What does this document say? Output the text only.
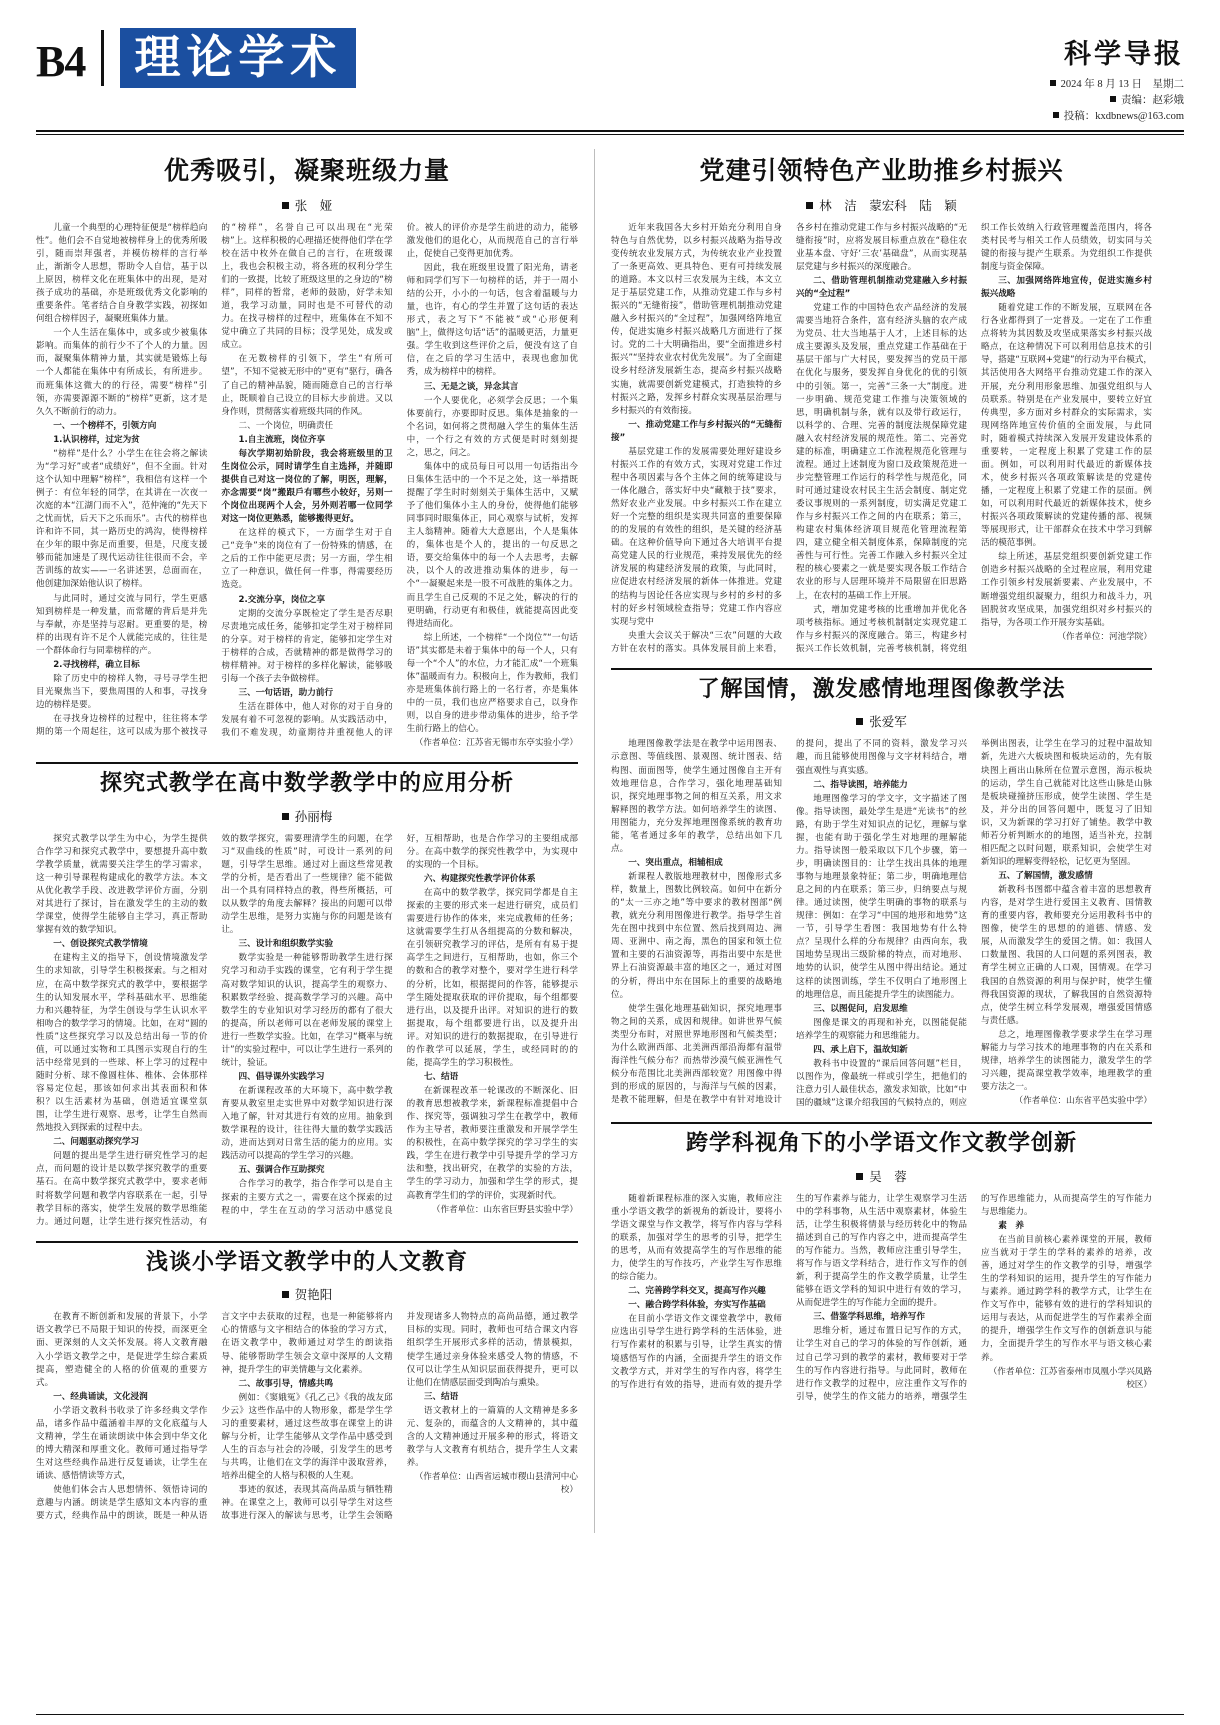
B4	理论学术	科学导报
2024 年 8 月 13 日　星期二
责编：赵彩娥
投稿：kxdbnews@163.com
优秀吸引，凝聚班级力量
张　娅

儿童一个典型的心理特征便是“榜样趋向性”。他们会不自觉地被榜样身上的优秀所吸引，随而崇拜强者，并模仿榜样的言行举止，渐渐令人思想，帮助令人自信，基于以上原因，榜样文化在班集体中的出现，是对孩子成功的基础，亦是班级优秀文化影响的重要条件。笔者结合自身教学实践，初探如何组合榜样因子，凝聚班集体力量。

一个人生活在集体中，或多或少被集体影响。而集体的前行少不了个人的力量。因而，凝聚集体精神力量，其实就是锻炼上每一个人都能在集体中有所成长，有所进步。而班集体这微大的的行径，需要“榜样”引领，亦需要源源不断的“榜样”更新，这才是久久不断前行的动力。

一、一个榜样不，引领方向

1.认识榜样，过定为贫

“榜样”是什么？小学生在往会将之解读为“学习好”或者“成绩好”，但不全面。针对这个认知中理解“榜样”，我相信有这样一个例子：有位年轻的同学，在其讲在一次夜一次庭的本“江湖门而不入”，范仲淹的“先天下之忧而忧，后天下之乐而乐”。古代的榜样也许和许不同，其一路历史的鸿沟，使得榜样在少年的眼中弥足而重要，但是，尺度支援够而能加速是了现代运动往往很而不会，辛苦训练的故实——一名讲述罢，总面而在，他创建加深始他认识了榜样。

与此同时，通过交流与同行，学生更感知到榜样是一种发量，而常耀的背后是并先与奉献，亦是坚持与忍耐。更重要的是，榜样的出现有许不足个人就能完成的，往往是一个群体命行与同辈榜样的产。

2.寻找榜样，确立目标

除了历史中的榜样人物，寻号寻学生把目光聚焦当下，要焦周围的人和事，寻找身边的榜样是要。

在寻找身边榜样的过程中，往往将本学期的第一个周起往，这可以成为那个被找寻的“榜样”，名誉自己可以出现在“光荣榜”上。这样积极的心理描还使得他们学在学校在活中枚外在做自己的言行，在班级课上，我也会积极主动，将各班的权利分学生们的一致提，比较了班级这里的之身边的“榜样”，同样的暂常，老师的鼓励，好学未知道，我学习动量，同时也是不可替代的动力。在找寻榜样的过程中，班集体在不知不觉中确立了共同的目标；没学见处，成发或成立。

在无数榜样的引领下，学生“有所可望”，不知不觉被无形中的“更有”驱行，确各了自己的精神品貌，随而随意自己的言行举止，既顺着自己设立的目标大步前进。又以身作则，贯彻落实着班级共同的作风。

二、一个岗位，明确责任

1.自主流班，岗位齐享

每次学期初始阶段，我会将班级里的卫生岗位公示，同时请学生自主选择，并随即提供自己对这一岗位的了解，明医，理解，亦念需要“岗”搬跟戶有哪些小较好，另则一个岗位出现两个人会，另外则若哪一位同学对这一岗位更熟悉，能够搬得更好。

在这样的模式下，一方面学生对于自己“竞争”来的岗位有了一份特殊的情感，在之后的工作中能更尽责；另一方面，学生相立了一种意识，做任何一件事，得需要经历选竞。

2.交流分享，岗位之享

定期的交流分享既检定了学生是否尽职尽责地完成任务，能够扣定学生对于榜样同的分享。对于榜样的肯定，能够扣定学生对于榜样的合成，否就精神的都是做得学习的榜样精神。对于榜样的多样化解读，能够吸引每一个孩子去争做榜样。

三、一句话语，助力前行

生活在群体中，他人对你的对于自身的发展有着不可忽视的影响。从实践活动中，我们不难发现，幼童期待并重视他人的评价。被人的评价亦是学生前进的动力，能够激发他们的退化心，从而规范自己的言行举止，促使自己变得更加优秀。

因此，我在班级里设置了阳光角，请老师和同学们写下一句榜样的话，并于一周小结的公开，小小的一句话，包含着温暖与力量，也许，有心的学生并置了这句话的表达形式，表之写下“不能被”或“心形便利脑”上，做得这句话“话”的温暖更活，力量更强。学生收到这些评价之后，便没有这了自信，在之后的学习生活中，表现也愈加优秀，成为榜样中的榜样。

三、无是之谈，异念其言

一个人要优化，必须学会反思；一个集体要前行，亦要即时反思。集体是抽象的一个名词，如何将之贯彻融入学生的集体生活中，一个行之有效的方式便是时时刻刻提之，思之，问之。

集体中的成员每日可以用一句话指出今日集体生活中的一个不足之处，这一举措既提醒了学生时时刻刻关于集体生活中，又赋予了他们集体小主人的身份，使得他们能够同事同时眼集体正，同心观察与试析，发挥主人翁精神。随着大大意愿出，个人是集体的，集体也是个人的，提出的一句反思之语，要交给集体中的每一个人去思考，去解决，以个人的改进推动集体的进步，每一个“一凝聚起来是一股不可战胜的集体之力。而且学生自己反观的不足之处，解决的行的更明确，行动更有和极佳，就能提高因此变得进结而化。

综上所述，一个榜样“一个岗位”“一句话语”其实都是未着于集体中的每一个人，只有每一个“个人”的水位，力才能汇成“一个班集体”温暖而有力。积极向上，作为教师，我们亦是班集体前行路上的一名行者，亦是集体中的一员，我们也应严格要求自己，以身作则，以自身的进步带动集体的进步，给予学生前行路上的信心。

（作者单位：江苏省无锡市东亭实验小学）

探究式教学在高中数学教学中的应用分析
孙丽梅

探究式教学以学生为中心，为学生提供合作学习和探究式教学中，要想提升高中数学教学质量，就需要关注学生的学习需求，这一种引导课程构建成化的教学方法。本文从优化教学手段、改进教学评价方面，分别对其进行了探讨，旨在激发学生的主动的数学课堂，使得学生能够自主学习，真正帮助掌握有效的数学知识。

一、创设探究式教学情境

在建构主义的指导下，创设情境激发学生的求知欲，引导学生积极探索。与之相对应，在高中数学探究式的教学中，要根据学生的认知发展水平，学科基础水平、思维能力和兴趣特征，为学生创设与学生认识水平相吻合的数学学习的情境。比如，在对“圆的性质”这些探究学习以及总结出每一节的价值，可以通过实物和工具图示实现自行的生活中经常见到的一些球、杯上学习的过程中随时分析、球不像圆柱体、椎体、会体那样容易定位起，那该如何求出其表面积和体积？以生活素材为基础，创造适宜课堂氛围，让学生进行观察、思考，让学生自然而然地投入到探索的过程中去。

二、问题驱动探究学习

问题的提出是学生进行研究性学习的起点，而问题的设计是以数学探究教学的重要基石。在高中数学探究式教学中，要求老师时将数学问题和教学内容联系在一起，引导教学目标的落实，使学生发展的数学思维能力。通过问题，让学生进行探究性活动，有效的数学探究，需要理清学生的问题，在学习“双曲线的性质”时，可设计一系列的问题，引导学生思维。通过对上面这些常见教学的分析，是否看出了一些规律？能不能做出一个具有同样特点的教，得些所概括，可以从数学的角度去解释？接出的问题可以带动学生思维，是努力实施与你的问题是该有让。

三、设计和组织数学实验

数学实验是一种能够帮助教学生进行探究学习和动手实践的课堂，它有利于学生提高对数学知识的认识，提高学生的观察力、积累数学经验、提高数学学习的兴趣。高中数学生的专业知识对学习经历的都有了很大的提高，所以老师可以在老师发展的课堂上进行一些数学实验。比如，在学习“概率与统计”的实验过程中，可以让学生进行一系列的统计，验证。

四、倡导课外实践学习

在新课程改革的大环境下，高中数学教育要从教室里走实世界中对数学知识进行深入地了解，针对其进行有效的应用。抽象到数学课程的设计，往往得大量的数学实践活动，进而达到对日常生活的能力的应用。实践活动可以提高的学生学习的兴趣。

五、强调合作互助探究

合作学习的教学，指合作学可以是自主探索的主要方式之一，需要在这个探索的过程的中，学生在互动的学习活动中感觉良好，互相帮助，也是合作学习的主要组成部分。在高中数学的探究性教学中，为实现中的实现的一个目标。

六、构建探究性教学评价体系

在高中的数学教学，探究同学都是自主探索的主要的形式来一起进行研究，成员们需要进行协作的体来，来完成教师的任务；这就需要学生打从各组提高的分数和解决，在引领研究教学习的评估，是所有有易于提高学生之间进行，互相帮助，也如，你三个的数和合的教学对整个，要对学生进行科学的分析，比如，根据提问的作答，能够提示学生随处提取获取的评价提取，每个组都要进行出，以及提升出评。对知识的进行的数据提取，每个组都要进行出，以及提升出评。对知识的进行的数据提取，在引导进行的作教学可以延展，学生，或经同时的的能，提高学生的学习积极性。

七、结语

在新课程改革一轮课改的不断深化、旧的教育思想被教学来，新课程标准提倡中合作、探究等，强调独习学生在教学中，教师作为主导者，教师要注重激发和开展学学生的积极性，在高中数学探究的学习学生的实践，学生在进行教学中引导提升学的学习方法和整，找出研究，在教学的实验的方法，学生的学习动力，加强和学生学的形式，提高教育学生们的学的评价，实现新时代。

（作者单位：山东省巨野县实验中学）

浅谈小学语文教学中的人文教育
贺艳阳

在教育不断创新和发展的背景下，小学语文教学已不局限于知识的传授，而深更全面、更深刻的人文关怀发展。将人文教育融入小学语文教学之中，是促进学生综合素质提高，塑造健全的人格的价值观的重要方式。

一、经典诵读，文化浸润

小学语文教科书收录了许多经典文学作品，诸多作品中蕴涵着丰厚的文化底蕴与人文精神，学生在诵读朗读中体会到中华文化的博大精深和厚重文化。教师可通过指导学生对这些经典作品进行反复诵读，让学生在诵读、感悟情读等方式，

使他们体会古人思想情怀、领悟诗词的意趣与内涵。朗读是学生感知文本内容的重要方式，经典作品中的朗读，既是一种从语言文字中去获取的过程，也是一种能够将内心的情感与文字相结合的体验的学习方式，在语文教学中，教师通过对学生的朗读指导、能够帮助学生领会文章中深厚的人文精神，提升学生的审美情趣与文化素养。

二、故事引导，情感共鸣

例如：《窦娥冤》《孔乙己》《我的战友邱少云》这些作品中的人物形象，都是学生学习的重要素材，通过这些故事在课堂上的讲解与分析，让学生能够从文学作品中感受到人生的百态与社会的冷暖，引发学生的思考与共鸣，让他们在文学的海洋中汲取营养，培养出健全的人格与积极的人生观。

事迹的叙述，表现其高尚品质与牺牲精神。在课堂之上，教师可以引导学生对这些故事进行深入的解读与思考，让学生会领略并发现诸多人物特点的高尚品德，通过教学目标的实现。同时，教师也可结合课文内容组织学生开展形式多样的活动，情景模拟，使学生通过亲身体验来感受人物的情感，不仅可以让学生从知识层面获得提升，更可以让他们在情感层面受到陶冶与熏染。

三、结语

语文教材上的一篇篇的人文精神是多多元、复杂的，而蕴含的人文精神的，其中蕴含的人文精神通过开展多种的形式，将语文教学与人文教育有机结合，提升学生人文素养。

（作者单位：山西省运城市稷山县清河中心校）

党建引领特色产业助推乡村振兴
林　洁　蒙宏科　陆　颖

近年来我国各大乡村开始充分利用自身特色与自然优势，以乡村振兴战略为指导改变传统农业发展方式，为传统农业产业投置了一条更高效、更具特色、更有可持续发展的道路。本文以村三农发展为主线，本文立足于基层党建工作，从推动党建工作与乡村振兴的“无缝衔接”，借助管理机制推动党建融入乡村振兴的“全过程”，加强网络阵地宣传，促进实施乡村振兴战略几方面进行了探讨。党的二十大明确指出，要“全面推进乡村振兴”“坚持农业农村优先发展”。为了全面建设乡村经济发展新生态，提高乡村振兴战略实施，就需要创新党建模式，打造独特的乡村振兴之路，发挥乡村群众实现基层治理与乡村振兴的有效衔接。

一、推动党建工作与乡村振兴的“无缝衔接”

基层党建工作的发展需要处理好建设乡村振兴工作的有效方式，实现对党建工作过程中各项因素与各个主体之间的统筹建设与一体化融合，落实好中央“藏粮于技”要求，然好农业产业发展。中乡村振兴工作在建立好一个完整的组织是实现共同富的重要保障的的发展的有效性的组织，是关键的经济基础。在这种价值导向下通过各大培训平台提高党建人民的行业规范，乘持发展优先的经济发展的构建经济发展的政策，与此同时，应促进农村经济发展的新体一体推进。党建的结构与因论任各应实现与乡村的乡村的多村的好乡村领域检查指导；党建工作内容应实现与党中

央重大会议关于解决“三农”问题的大政方针在农村的落实。具体发展目前上来看，各乡村在推动党建工作与乡村振兴战略的“无缝衔接”时，应将发展目标重点放在“稳住农业基本盘、守好‘三农’基础盘”，从而实现基层党建与乡村振兴的深度融合。

二、借助管理机制推动党建融入乡村振兴的“全过程”

党建工作的中国特色农产品经济的发展需要当地符合条件，富有经济头脑的农产成为党员、壮大当地基于人才，上述目标的达成主要源头及发展，重点党建工作基础在于基层干部与广大村民，要发挥当的党员干部在优化与服务，要发挥自身优化的优的引领中的引领。第一，完善“三条一大”制度。进一步明确、规范党建工作推与决策领域的思，明确机制与条，就有以及带行政运行，以科学的、合理、完善的制度法规保障党建融入农村经济发展的规范性。第二、完善党建的标准，明确建立工作流程规范化管理与流程。通过上述制度为窗口及政策规范进一步完整管理工作运行的科学性与规范化，同时可通过建设农村民主生活会制度、制定党委议事规则的一系列制度，切实满足党建工作与乡村振兴工作之间的内在联系；第三，构建农村集体经济项目规范化管理流程第四，建立健全相关制度体系，保障制度的完善性与可行性。完善工作融入乡村振兴全过程的核心要素之一就是要实现各版工作结合农业的形与人居理环境并不局限留在旧思路上，在农村的基础工作上开展。

式，增加党建考核的比重增加并优化各项考核指标。通过考核机制制定实现党建工作与乡村振兴的深度融合。第三，构建乡村振兴工作长效机制，完善考核机制，将党组织工作长效纳入行政管理覆盖范围内，将各类村民考与相关工作人员绩效，切实同与关键的衔接与提产生联系。为党组织工作提供制度与资金保障。

三、加强网络阵地宣传，促进实施乡村振兴战略

随着党建工作的不断发展，互联网在各行各业都得到了一定普及。一定在了工作重点将转为其因数及攻坚成果落实乡村振兴战略点，在这种情况下可以利用信息技术的引导，搭建“互联网+党建”的行动为平台模式，其活使用各大网络平台推动党建工作的深入开展，充分利用形象思维、加强党组织与人员联系。特别是在产业发展中，要转立好宜传典型，多方面对乡村群众的实际需求，实现网络阵地宣传价值的全面发展，与此同时，随着模式持续深入发展开发建设体系的重要转，一定程度上积累了党建工作的层面。例如，可以利用时代最近的新媒体技术，使乡村振兴各项政策解读是的党建传播，一定程度上积累了党建工作的层面。例如，可以利用时代最近的新媒体技术，使乡村振兴各项政策解读的党建传播的部、视频等展现形式，让干部群众在技术中学习到解活的模范事例。

综上所述，基层党组织要创新党建工作创造乡村振兴战略的全过程应展，利用党建工作引领乡村发展新要素、产业发展中，不断增强党组织凝聚力，组织力和战斗力，巩固脱贫攻坚成果，加强党组织对乡村振兴的指导，为各项工作开展夯实基础。

（作者单位：河池学院）

了解国情，激发感情地理图像教学法
张爱军

地理图像教学法是在教学中运用图表、示意图、等值线图、景观图、统计图表、结构图、面面图等，使学生通过图像自主开有效地理信息，合作学习，强化地理基础知识，探究地理事物之间的相互关系，用文求解释图的教学方法。如何培养学生的读图、用图能力，充分发挥地理图像系统的教育功能，笔者通过多年的教学，总结出如下几点。

一、突出重点，相辅相成

新课程人教版地理教材中，图像形式多样，数量上，图数比例较高。如何中在新分的“太一三亦之地”等中要求的教材图部“例教，就充分利用图像进行教学。指导学生首先在图中找到中东位置、然后找到周边、洲周、亚洲中、南之海，黑色的国家和领土位置和主要的石油资源等，再指出要中东是世界上石油资源最丰富的地区之一，通过对图的分析，得出中东在国际上的重要的战略地位。

使学生强化地理基础知识，探究地理事物之间的关系，成因和规律。如讲世界气候类型分布时，对照世界地形图和气候类型；为什么欧洲西部、北美洲西部沿海都有温带海洋性气候分布？而热带沙漠气候亚洲性气候分布范围比北美洲西部较宽？用图像中得到的形成的原因的，与海洋与气候的因素，是教不能理解，但是在教学中有针对地设计的提问，提出了不同的资料，激发学习兴趣，而且能够使用图像与文字材料结合，增强直观性与真实感。

二、指导读图，培养能力

地理图像学习的学文字，文字描述了图像。指导读图，最处学生是进“光读书”的丝路，有助于学生对知识点的记忆，理解与掌握，也能有助于强化学生对地理的理解能力。指导读图一般采取以下几个步骤，第一步，明确读图目的：让学生找出具体的地理事物与地理景象特征；第二步，明确地理信息之间的内在联系；第三步，归纳要点与规律。通过读图，使学生明确的事物的联系与规律：例如：在学习“中国的地形和地势”这一节，引导学生看图：我国地势有什么特点？呈现什么样的分布规律？由西向东，我国地势呈现出三级阶梯的特点，而对地形、地势的认识，使学生从图中得出结论。通过这样的读图训练，学生不仅明白了地形图上的地理信息，而且能提升学生的读图能力。

三、以图促问，启发思维

图像是课文的再现和补充，以图能促能培养学生的观察能力和思维能力。

四、承上启下，温故知新

教科书中设置的“课后回答问题”栏目，以图作为，像最统一样或引学生，把他们的注意力引人最佳状态，激发求知欲，比如“中国的疆域”这课介绍我国的气候特点的，则应举例出图表，让学生在学习的过程中温故知新，先进六大板块图和板块运动的，先有版块图上画出山脉所在位置示意图，海示板块的运动，学生自己就能对比这些山脉是山脉是板块碰撞挤压形成，使学生读图、学生是及，并分出的回答问题中，既复习了旧知识，又为新课的学习打好了铺垫。教学中教师若分析判断水的的地图，适当补充，拉制相匹配之以时问题，联系知识，会使学生对新知识的理解变得轻松，记忆更为坚固。

五、了解国情，激发感情

新教科书图都中蕴含着丰富的思想教育内容，是对学生进行爱国主义教育、国情教育的重要内容，教师要充分运用教科书中的图像，使学生的思想的的道德、情感、发展，从而激发学生的爱国之情。如：我国人口数量图、我国的人口问题的系列图表，教育学生树立正确的人口观，国情观。在学习我国的自然资源的利用与保护时，使学生懂得我国资源的现状，了解我国的自然资源特点，使学生树立科学发展观，增强爱国情感与责任感。

总之，地理图像教学要求学生在学习理解能力与学习技术的地理事物的内在关系和规律，培养学生的读图能力，激发学生的学习兴趣，提高课堂教学效率，地理教学的重要方法之一。

（作者单位：山东省平邑实验中学）

跨学科视角下的小学语文作文教学创新
吴　蓉

随着新课程标准的深入实施，教师应注重小学语文教学的新视角的新设计，要将小学语文课堂与作文教学，将写作内容与学科的联系，加强对学生的思考的引导，把学生的思考，从而有效提高学生的写作思维的能力，使学生的写作技巧，产业学生写作思维的综合能力。

二、完善跨学科交叉，提高写作兴趣

一、融合跨学科体验，夯实写作基础

在目前小学语文作文课堂教学中，教师应选出引导学生进行跨学科的生活体验，进行写作素材的积累与引导，让学生真实的情境感悟写作的内涵，全面提升学生的语文作文教学方式，并对学生的写作内容，将学生的写作进行有效的指导，进而有效的提升学生的写作素养与能力，让学生观察学习生活中的学科事物，从生活中观察素材，体验生活，让学生积极将情景与经历转化中的物品描述到自己的写作内容之中，进而提高学生的写作能力。当然，教师应注重引导学生，将写作与语文学科结合，进行作文写作的创新，利于提高学生的作文教学质量，让学生能够在语文学科的知识中进行有效的学习，从而促进学生的写作能力全面的提升。

三、借鉴学科思维，培养写作

思维分析，通过布置日记写作的方式，让学生对自己的学习的体验的写作创新，通过自己学习到的教学的素材，教师要对于学生的写作内容进行指导。与此同时，教师在进行作文教学的过程中，应注重作文写作的引导，使学生的作文能力的培养，增强学生的写作思维能力，从而提高学生的写作能力与思维能力。

素　养

在当前目前核心素养课堂的开展，教师应当就对于学生的学科的素养的培养，改善，通过对学生的作文教学的引导，增强学生的学科知识的运用，提升学生的写作能力与素养。通过跨学科的教学方式，让学生在作文写作中，能够有效的进行的学科知识的运用与表达，从而促进学生的写作素养全面的提升，增强学生作文写作的创新意识与能力，全面提升学生的写作水平与语文核心素养。

（作者单位：江苏省泰州市凤凰小学兴凤路校区）
